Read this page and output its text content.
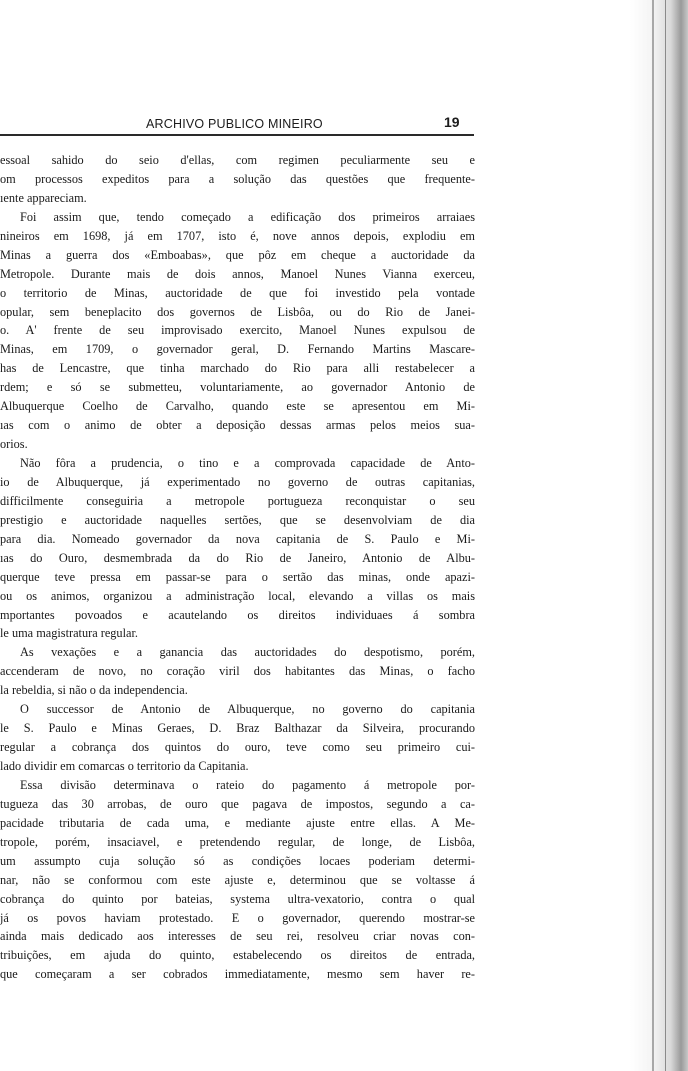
ARCHIVO PUBLICO MINEIRO	19
essoal sahido do seio d'ellas, com regimen peculiarmente seu e
om processos expeditos para a solução das questões que frequente-
ıente appareciam.
Foi assim que, tendo começado a edificação dos primeiros arraiaes
nineiros em 1698, já em 1707, isto é, nove annos depois, explodiu em
Minas a guerra dos «Emboabas», que pôz em cheque a auctoridade da
Metropole. Durante mais de dois annos, Manoel Nunes Vianna exerceu,
o territorio de Minas, auctoridade de que foi investido pela vontade
opular, sem beneplacito dos governos de Lisbôa, ou do Rio de Janei-
o. A' frente de seu improvisado exercito, Manoel Nunes expulsou de
Minas, em 1709, o governador geral, D. Fernando Martins Mascare-
has de Lencastre, que tinha marchado do Rio para alli restabelecer a
rdem; e só se submetteu, voluntariamente, ao governador Antonio de
Albuquerque Coelho de Carvalho, quando este se apresentou em Mi-
ıas com o animo de obter a deposição dessas armas pelos meios sua-
orios.
Não fôra a prudencia, o tino e a comprovada capacidade de Anto-
io de Albuquerque, já experimentado no governo de outras capitanias,
difficilmente conseguiria a metropole portugueza reconquistar o seu
prestigio e auctoridade naquelles sertões, que se desenvolviam de dia
para dia. Nomeado governador da nova capitania de S. Paulo e Mi-
ıas do Ouro, desmembrada da do Rio de Janeiro, Antonio de Albu-
querque teve pressa em passar-se para o sertão das minas, onde apazi-
ou os animos, organizou a administração local, elevando a villas os mais
mportantes povoados e acautelando os direitos individuaes á sombra
le uma magistratura regular.
As vexações e a ganancia das auctoridades do despotismo, porém,
accenderam de novo, no coração viril dos habitantes das Minas, o facho
la rebeldia, si não o da independencia.
O successor de Antonio de Albuquerque, no governo do capitania
le S. Paulo e Minas Geraes, D. Braz Balthazar da Silveira, procurando
regular a cobrança dos quintos do ouro, teve como seu primeiro cui-
lado dividir em comarcas o territorio da Capitania.
Essa divisão determinava o rateio do pagamento á metropole por-
tugueza das 30 arrobas, de ouro que pagava de impostos, segundo a ca-
pacidade tributaria de cada uma, e mediante ajuste entre ellas. A Me-
tropole, porém, insaciavel, e pretendendo regular, de longe, de Lisbôa,
um assumpto cuja solução só as condições locaes poderiam determi-
nar, não se conformou com este ajuste e, determinou que se voltasse á
cobrança do quinto por bateias, systema ultra-vexatorio, contra o qual
já os povos haviam protestado. E o governador, querendo mostrar-se
ainda mais dedicado aos interesses de seu rei, resolveu criar novas con-
tribuições, em ajuda do quinto, estabelecendo os direitos de entrada,
que começaram a ser cobrados immediatamente, mesmo sem haver re-
